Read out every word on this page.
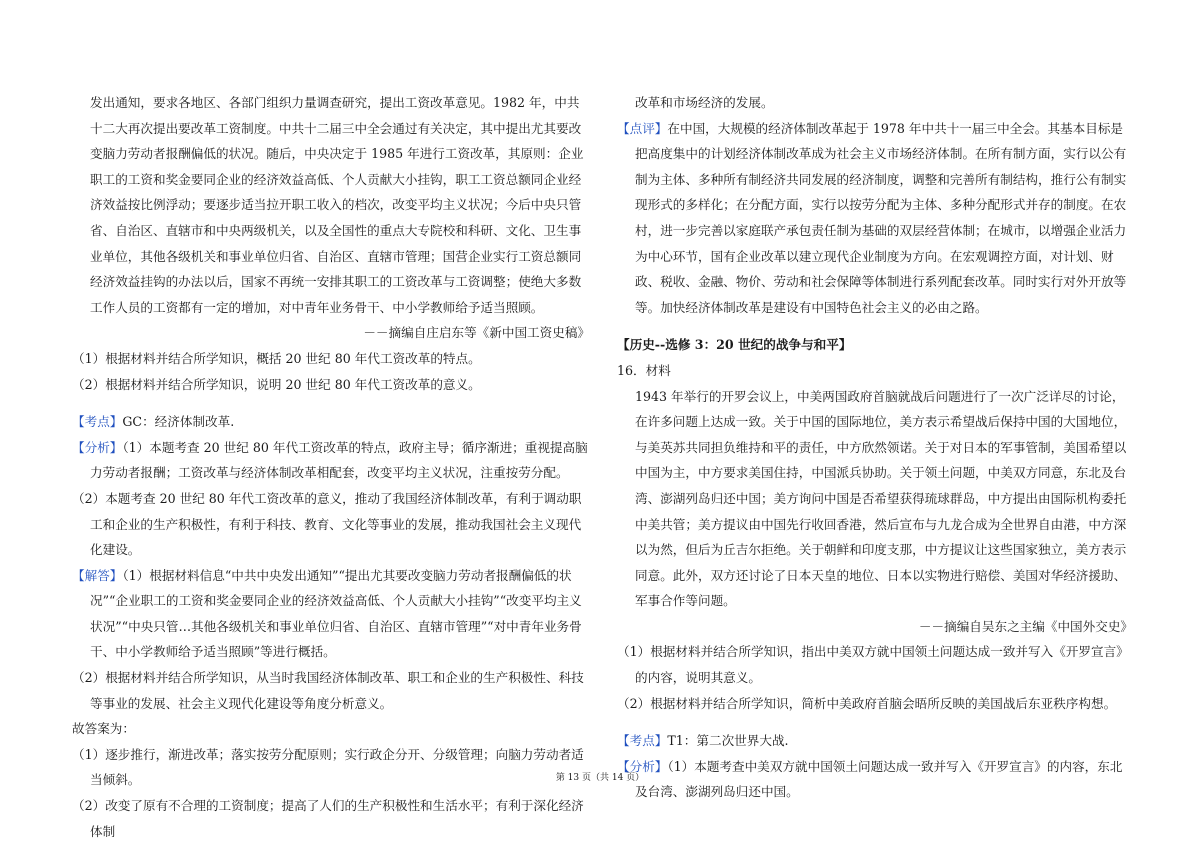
发出通知，要求各地区、各部门组织力量调查研究，提出工资改革意见。1982 年，中共十二大再次提出要改革工资制度。中共十二届三中全会通过有关决定，其中提出尤其要改变脑力劳动者报酬偏低的状况。随后，中央决定于 1985 年进行工资改革，其原则：企业职工的工资和奖金要同企业的经济效益高低、个人贡献大小挂钩，职工工资总额同企业经济效益按比例浮动；要逐步适当拉开职工收入的档次，改变平均主义状况；今后中央只管省、自治区、直辖市和中央两级机关，以及全国性的重点大专院校和科研、文化、卫生事业单位，其他各级机关和事业单位归省、自治区、直辖市管理；国营企业实行工资总额同经济效益挂钩的办法以后，国家不再统一安排其职工的工资改革与工资调整；使绝大多数工作人员的工资都有一定的增加，对中青年业务骨干、中小学教师给予适当照顾。

－－摘编自庄启东等《新中国工资史稿》

（1）根据材料并结合所学知识，概括 20 世纪 80 年代工资改革的特点。

（2）根据材料并结合所学知识，说明 20 世纪 80 年代工资改革的意义。

【考点】GC：经济体制改革.

【分析】（1）本题考查 20 世纪 80 年代工资改革的特点，政府主导；循序渐进；重视提高脑力劳动者报酬；工资改革与经济体制改革相配套，改变平均主义状况，注重按劳分配。

（2）本题考查 20 世纪 80 年代工资改革的意义，推动了我国经济体制改革，有利于调动职工和企业的生产积极性，有利于科技、教育、文化等事业的发展，推动我国社会主义现代化建设。

【解答】（1）根据材料信息“中共中央发出通知”“提出尤其要改变脑力劳动者报酬偏低的状况”“企业职工的工资和奖金要同企业的经济效益高低、个人贡献大小挂钩”“改变平均主义状况”“中央只管…其他各级机关和事业单位归省、自治区、直辖市管理”“对中青年业务骨干、中小学教师给予适当照顾”等进行概括。

（2）根据材料并结合所学知识，从当时我国经济体制改革、职工和企业的生产积极性、科技等事业的发展、社会主义现代化建设等角度分析意义。

故答案为：

（1）逐步推行，渐进改革；落实按劳分配原则；实行政企分开、分级管理；向脑力劳动者适当倾斜。

（2）改变了原有不合理的工资制度；提高了人们的生产积极性和生活水平；有利于深化经济体制

改革和市场经济的发展。

【点评】在中国，大规模的经济体制改革起于 1978 年中共十一届三中全会。其基本目标是把高度集中的计划经济体制改革成为社会主义市场经济体制。在所有制方面，实行以公有制为主体、多种所有制经济共同发展的经济制度，调整和完善所有制结构，推行公有制实现形式的多样化；在分配方面，实行以按劳分配为主体、多种分配形式并存的制度。在农村，进一步完善以家庭联产承包责任制为基础的双层经营体制；在城市，以增强企业活力为中心环节，国有企业改革以建立现代企业制度为方向。在宏观调控方面，对计划、财政、税收、金融、物价、劳动和社会保障等体制进行系列配套改革。同时实行对外开放等等。加快经济体制改革是建设有中国特色社会主义的必由之路。

【历史--选修 3：20 世纪的战争与和平】

16．材料

1943 年举行的开罗会议上，中美两国政府首脑就战后问题进行了一次广泛详尽的讨论，在许多问题上达成一致。关于中国的国际地位，美方表示希望战后保持中国的大国地位，与美英苏共同担负维持和平的责任，中方欣然领诺。关于对日本的军事管制，美国希望以中国为主，中方要求美国住持，中国派兵协助。关于领土问题，中美双方同意，东北及台湾、澎湖列岛归还中国；美方询问中国是否希望获得琉球群岛，中方提出由国际机构委托中美共管；美方提议由中国先行收回香港，然后宣布与九龙合成为全世界自由港，中方深以为然，但后为丘吉尔拒绝。关于朝鲜和印度支那，中方提议让这些国家独立，美方表示同意。此外，双方还讨论了日本天皇的地位、日本以实物进行赔偿、美国对华经济援助、军事合作等问题。

－－摘编自吴东之主编《中国外交史》

（1）根据材料并结合所学知识，指出中美双方就中国领土问题达成一致并写入《开罗宣言》的内容，说明其意义。

（2）根据材料并结合所学知识，简析中美政府首脑会晤所反映的美国战后东亚秩序构想。

【考点】T1：第二次世界大战.

【分析】（1）本题考查中美双方就中国领土问题达成一致并写入《开罗宣言》的内容，东北及台湾、澎湖列岛归还中国。

第 13 页（共 14 页）
